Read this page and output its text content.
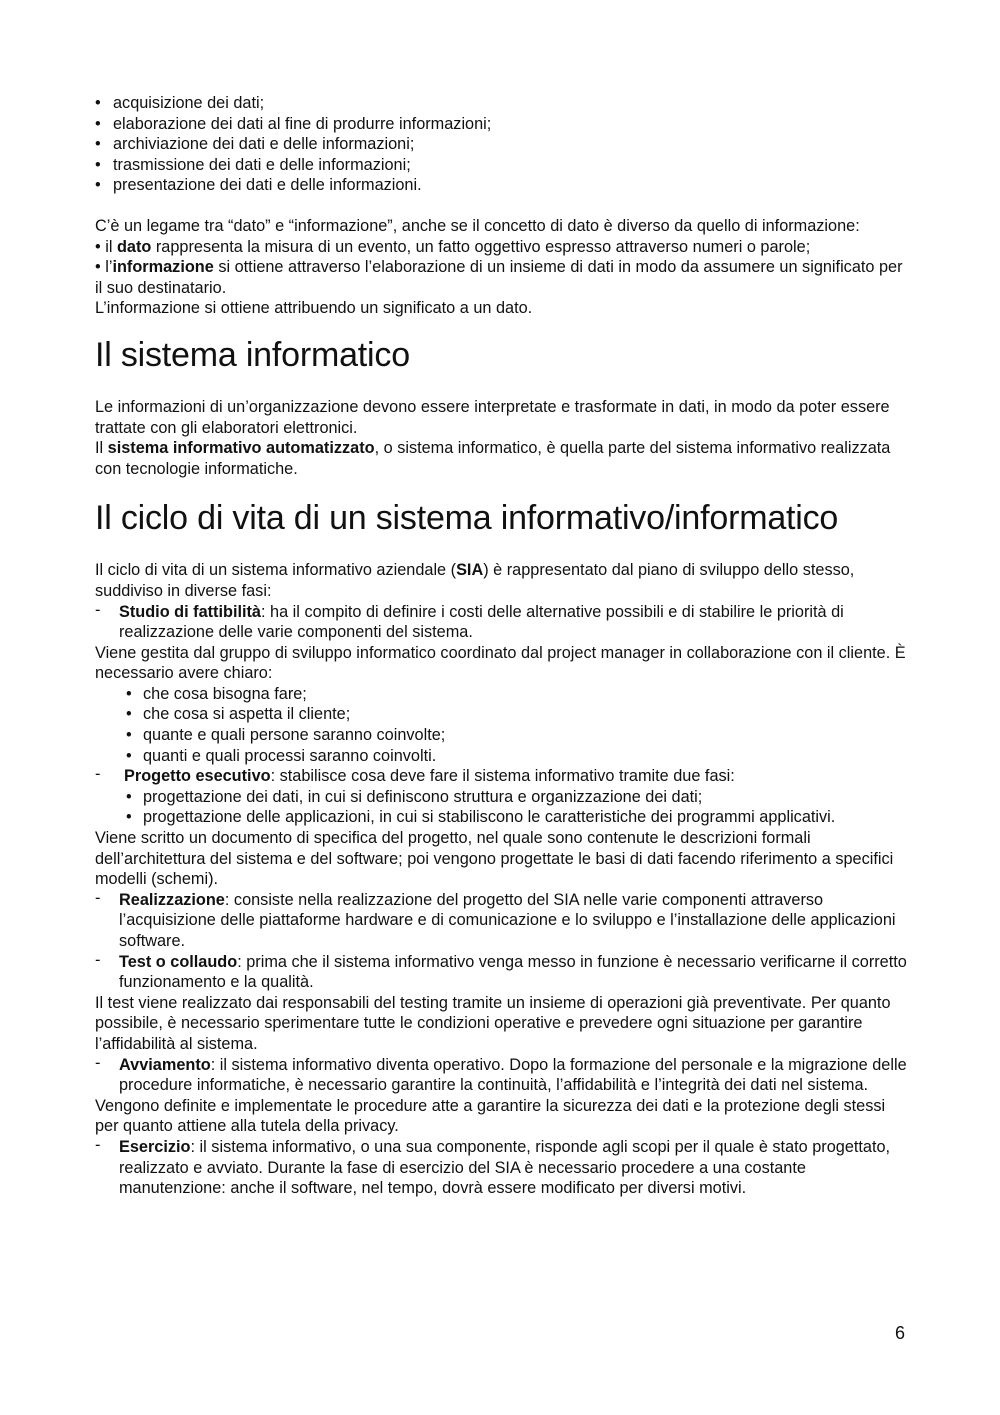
• acquisizione dei dati;
• elaborazione dei dati al fine di produrre informazioni;
• archiviazione dei dati e delle informazioni;
• trasmissione dei dati e delle informazioni;
• presentazione dei dati e delle informazioni.

C’è un legame tra “dato” e “informazione”, anche se il concetto di dato è diverso da quello di informazione:

• il dato rappresenta la misura di un evento, un fatto oggettivo espresso attraverso numeri o parole;

• l’informazione si ottiene attraverso l’elaborazione di un insieme di dati in modo da assumere un significato per il suo destinatario.

L’informazione si ottiene attribuendo un significato a un dato.

Il sistema informatico

Le informazioni di un’organizzazione devono essere interpretate e trasformate in dati, in modo da poter essere trattate con gli elaboratori elettronici.

Il sistema informativo automatizzato, o sistema informatico, è quella parte del sistema informativo realizzata con tecnologie informatiche.

Il ciclo di vita di un sistema informativo/informatico

Il ciclo di vita di un sistema informativo aziendale (SIA) è rappresentato dal piano di sviluppo dello stesso, suddiviso in diverse fasi:

- Studio di fattibilità: ha il compito di definire i costi delle alternative possibili e di stabilire le priorità di realizzazione delle varie componenti del sistema.

Viene gestita dal gruppo di sviluppo informatico coordinato dal project manager in collaborazione con il cliente. È necessario avere chiaro:

• che cosa bisogna fare;
• che cosa si aspetta il cliente;
• quante e quali persone saranno coinvolte;
• quanti e quali processi saranno coinvolti.
- Progetto esecutivo: stabilisce cosa deve fare il sistema informativo tramite due fasi:
• progettazione dei dati, in cui si definiscono struttura e organizzazione dei dati;
• progettazione delle applicazioni, in cui si stabiliscono le caratteristiche dei programmi applicativi.

Viene scritto un documento di specifica del progetto, nel quale sono contenute le descrizioni formali dell’architettura del sistema e del software; poi vengono progettate le basi di dati facendo riferimento a specifici modelli (schemi).

- Realizzazione: consiste nella realizzazione del progetto del SIA nelle varie componenti attraverso l’acquisizione delle piattaforme hardware e di comunicazione e lo sviluppo e l’installazione delle applicazioni software.
- Test o collaudo: prima che il sistema informativo venga messo in funzione è necessario verificarne il corretto funzionamento e la qualità.

Il test viene realizzato dai responsabili del testing tramite un insieme di operazioni già preventivate. Per quanto possibile, è necessario sperimentare tutte le condizioni operative e prevedere ogni situazione per garantire l’affidabilità al sistema.

- Avviamento: il sistema informativo diventa operativo. Dopo la formazione del personale e la migrazione delle procedure informatiche, è necessario garantire la continuità, l’affidabilità e l’integrità dei dati nel sistema.

Vengono definite e implementate le procedure atte a garantire la sicurezza dei dati e la protezione degli stessi per quanto attiene alla tutela della privacy.

- Esercizio: il sistema informativo, o una sua componente, risponde agli scopi per il quale è stato progettato, realizzato e avviato. Durante la fase di esercizio del SIA è necessario procedere a una costante manutenzione: anche il software, nel tempo, dovrà essere modificato per diversi motivi.
6
